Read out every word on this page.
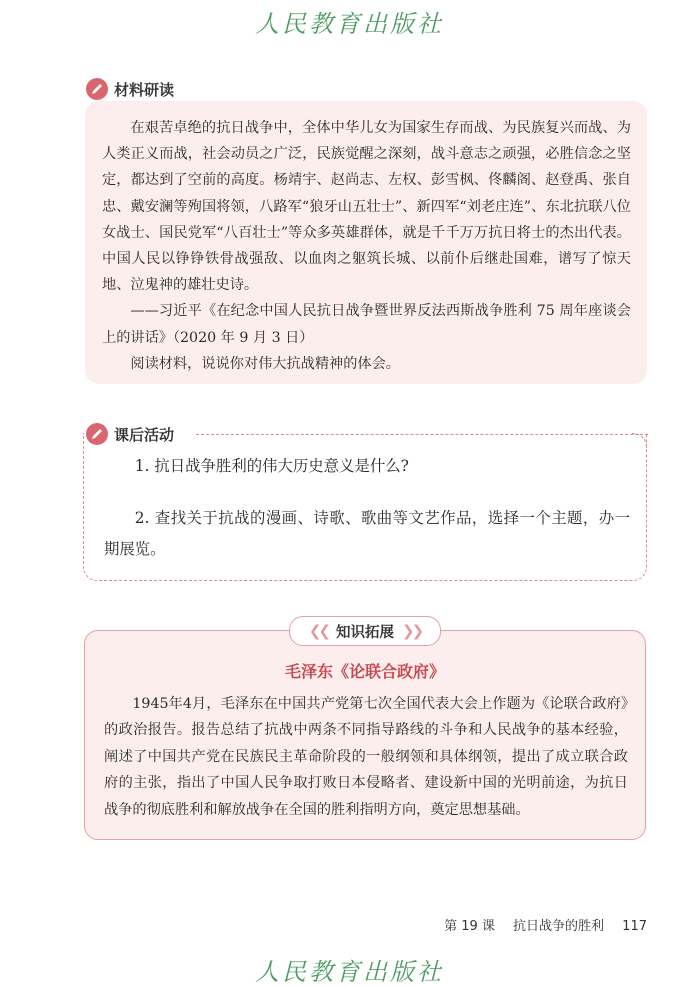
人民教育出版社
材料研读

在艰苦卓绝的抗日战争中，全体中华儿女为国家生存而战、为民族复兴而战、为人类正义而战，社会动员之广泛，民族觉醒之深刻，战斗意志之顽强，必胜信念之坚定，都达到了空前的高度。杨靖宇、赵尚志、左权、彭雪枫、佟麟阁、赵登禹、张自忠、戴安澜等殉国将领，八路军“狼牙山五壮士”、新四军“刘老庄连”、东北抗联八位女战士、国民党军“八百壮士”等众多英雄群体，就是千千万万抗日将士的杰出代表。中国人民以铮铮铁骨战强敌、以血肉之躯筑长城、以前仆后继赴国难，谱写了惊天地、泣鬼神的雄壮史诗。

——习近平《在纪念中国人民抗日战争暨世界反法西斯战争胜利 75 周年座谈会上的讲话》（2020 年 9 月 3 日）

阅读材料，说说你对伟大抗战精神的体会。

课后活动

1. 抗日战争胜利的伟大历史意义是什么?

2. 查找关于抗战的漫画、诗歌、歌曲等文艺作品，选择一个主题，办一期展览。

❮❮ 知识拓展 ❯❯
毛泽东《论联合政府》

1945年4月，毛泽东在中国共产党第七次全国代表大会上作题为《论联合政府》的政治报告。报告总结了抗战中两条不同指导路线的斗争和人民战争的基本经验，阐述了中国共产党在民族民主革命阶段的一般纲领和具体纲领，提出了成立联合政府的主张，指出了中国人民争取打败日本侵略者、建设新中国的光明前途，为抗日战争的彻底胜利和解放战争在全国的胜利指明方向，奠定思想基础。

第 19 课 抗日战争的胜利 117
人民教育出版社
